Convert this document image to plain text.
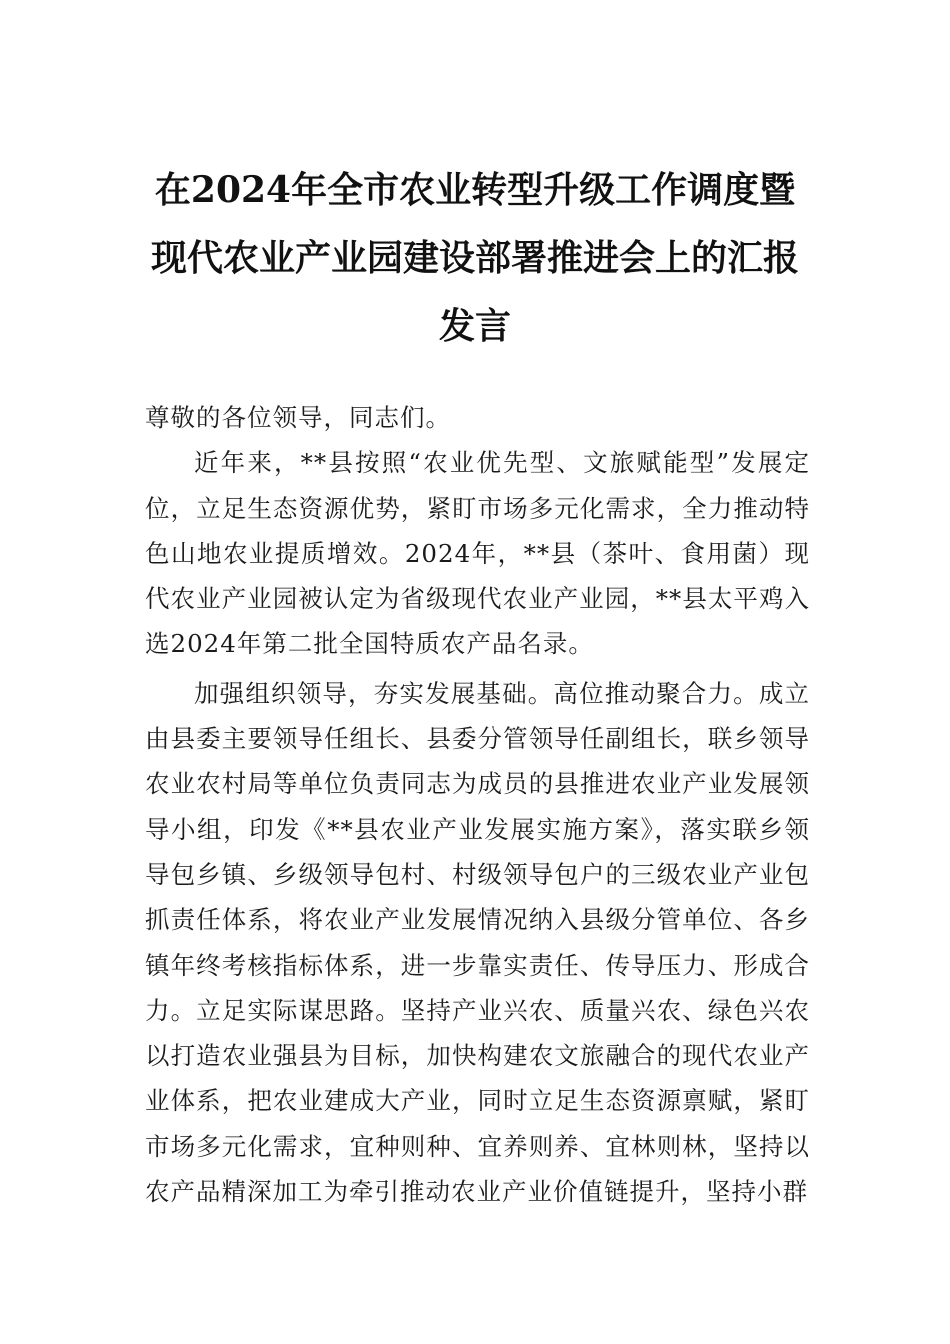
在2024年全市农业转型升级工作调度暨现代农业产业园建设部署推进会上的汇报发言

尊敬的各位领导，同志们。

近年来，**县按照“农业优先型、文旅赋能型”发展定位，立足生态资源优势，紧盯市场多元化需求，全力推动特色山地农业提质增效。2024年，**县（茶叶、食用菌）现代农业产业园被认定为省级现代农业产业园，**县太平鸡入选2024年第二批全国特质农产品名录。

加强组织领导，夯实发展基础。高位推动聚合力。成立由县委主要领导任组长、县委分管领导任副组长，联乡领导农业农村局等单位负责同志为成员的县推进农业产业发展领导小组，印发《**县农业产业发展实施方案》，落实联乡领导包乡镇、乡级领导包村、村级领导包户的三级农业产业包抓责任体系，将农业产业发展情况纳入县级分管单位、各乡镇年终考核指标体系，进一步靠实责任、传导压力、形成合力。立足实际谋思路。坚持产业兴农、质量兴农、绿色兴农以打造农业强县为目标，加快构建农文旅融合的现代农业产业体系，把农业建成大产业，同时立足生态资源禀赋，紧盯市场多元化需求，宜种则种、宜养则养、宜林则林，坚持以农产品精深加工为牵引推动农业产业价值链提升，坚持小群
